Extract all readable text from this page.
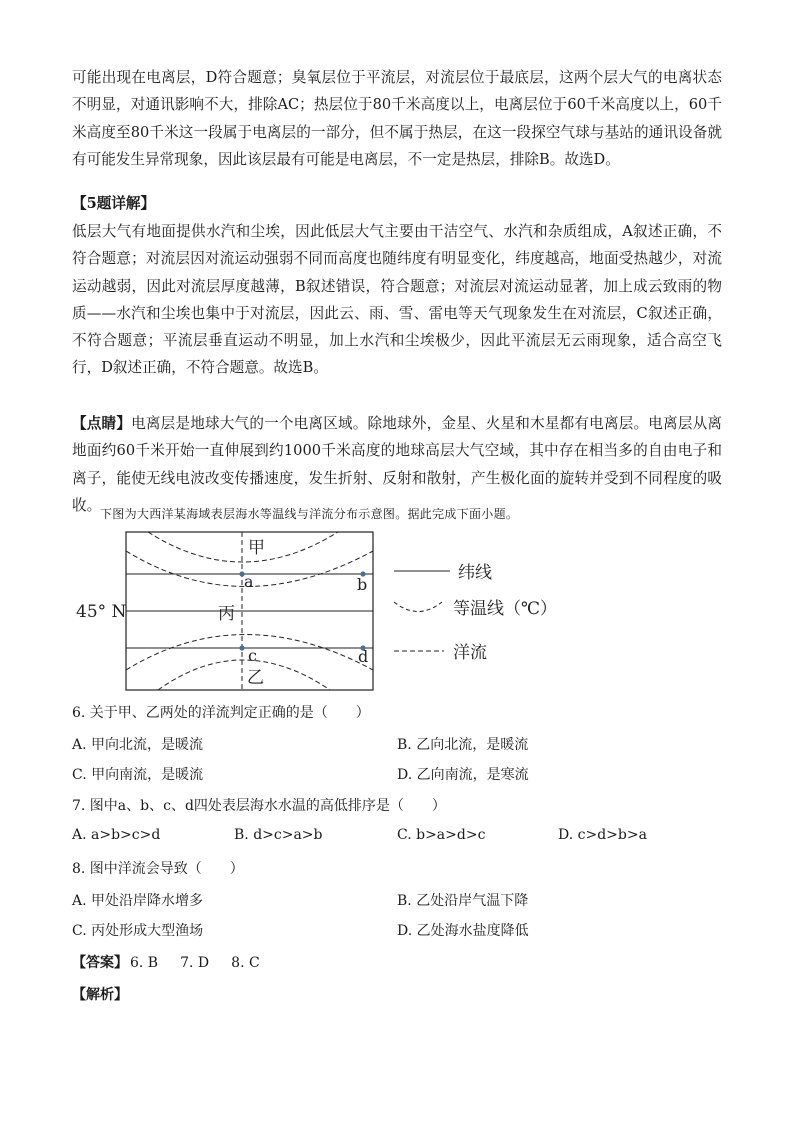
可能出现在电离层，D符合题意；臭氧层位于平流层，对流层位于最底层，这两个层大气的电离状态不明显，对通讯影响不大，排除AC；热层位于80千米高度以上，电离层位于60千米高度以上，60千米高度至80千米这一段属于电离层的一部分，但不属于热层，在这一段探空气球与基站的通讯设备就有可能发生异常现象，因此该层最有可能是电离层，不一定是热层，排除B。故选D。

【5题详解】

低层大气有地面提供水汽和尘埃，因此低层大气主要由干洁空气、水汽和杂质组成，A叙述正确，不符合题意；对流层因对流运动强弱不同而高度也随纬度有明显变化，纬度越高，地面受热越少，对流运动越弱，因此对流层厚度越薄，B叙述错误，符合题意；对流层对流运动显著，加上成云致雨的物质——水汽和尘埃也集中于对流层，因此云、雨、雪、雷电等天气现象发生在对流层，C叙述正确，不符合题意；平流层垂直运动不明显，加上水汽和尘埃极少，因此平流层无云雨现象，适合高空飞行，D叙述正确，不符合题意。故选B。

【点睛】电离层是地球大气的一个电离区域。除地球外，金星、火星和木星都有电离层。电离层从离地面约60千米开始一直伸展到约1000千米高度的地球高层大气空域，其中存在相当多的自由电子和离子，能使无线电波改变传播速度，发生折射、反射和散射，产生极化面的旋转并受到不同程度的吸收。

下图为大西洋某海域表层海水等温线与洋流分布示意图。据此完成下面小题。

甲
a	b
丙
c	d
乙
45° N
纬线
等温线（℃）
洋流

6. 关于甲、乙两处的洋流判定正确的是（　　）

A. 甲向北流，是暖流	B. 乙向北流，是暖流

C. 甲向南流，是暖流	D. 乙向南流，是寒流

7. 图中a、b、c、d四处表层海水水温的高低排序是（　　）

A. a>b>c>d	B. d>c>a>b	C. b>a>d>c	D. c>d>b>a

8. 图中洋流会导致（　　）

A. 甲处沿岸降水增多	B. 乙处沿岸气温下降

C. 丙处形成大型渔场	D. 乙处海水盐度降低

【答案】 6. B 7. D 8. C

【解析】
